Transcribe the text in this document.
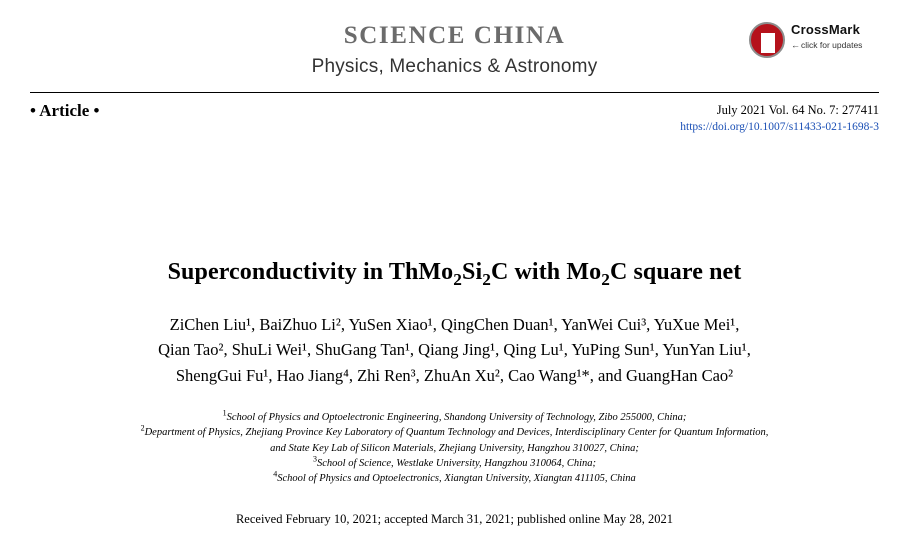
SCIENCE CHINA
Physics, Mechanics & Astronomy
CrossMark
←click for updates
• Article •	July 2021 Vol. 64 No. 7: 277411
https://doi.org/10.1007/s11433-021-1698-3
Superconductivity in $ThMo_2Si_2C$ with $Mo_2C$ square net
ZiChen Liu¹, BaiZhuo Li², YuSen Xiao¹, QingChen Duan¹, YanWei Cui³, YuXue Mei¹,
Qian Tao², ShuLi Wei¹, ShuGang Tan¹, Qiang Jing¹, Qing Lu¹, YuPing Sun¹, YunYan Liu¹,
ShengGui Fu¹, Hao Jiang⁴, Zhi Ren³, ZhuAn Xu², Cao Wang¹*, and GuangHan Cao²
$^1$School of Physics and Optoelectronic Engineering, Shandong University of Technology, Zibo 255000, China;
$^2$Department of Physics, Zhejiang Province Key Laboratory of Quantum Technology and Devices, Interdisciplinary Center for Quantum Information,
and State Key Lab of Silicon Materials, Zhejiang University, Hangzhou 310027, China;
$^3$School of Science, Westlake University, Hangzhou 310064, China;
$^4$School of Physics and Optoelectronics, Xiangtan University, Xiangtan 411105, China
Received February 10, 2021; accepted March 31, 2021; published online May 28, 2021
